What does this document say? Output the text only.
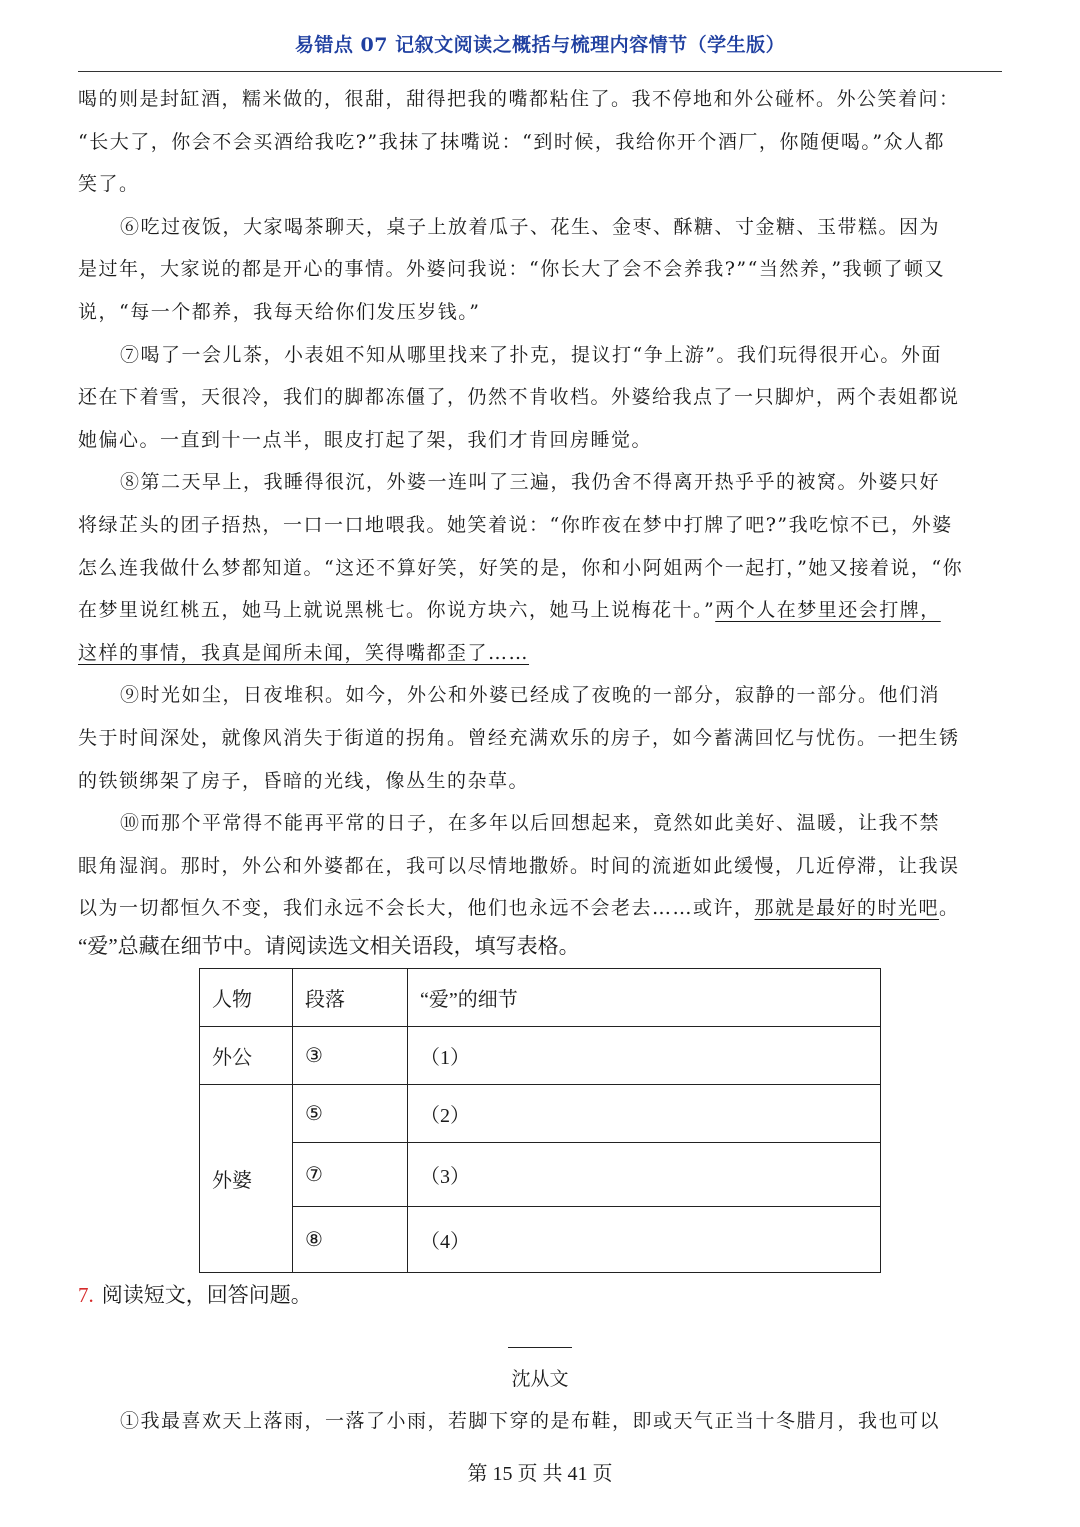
易错点 07 记叙文阅读之概括与梳理内容情节（学生版）
喝的则是封缸酒，糯米做的，很甜，甜得把我的嘴都粘住了。我不停地和外公碰杯。外公笑着问：
“长大了，你会不会买酒给我吃?”我抹了抹嘴说：“到时候，我给你开个酒厂，你随便喝。”众人都
笑了。
⑥吃过夜饭，大家喝茶聊天，桌子上放着瓜子、花生、金枣、酥糖、寸金糖、玉带糕。因为
是过年，大家说的都是开心的事情。外婆问我说：“你长大了会不会养我?”“当然养，”我顿了顿又
说，“每一个都养，我每天给你们发压岁钱。”
⑦喝了一会儿茶，小表姐不知从哪里找来了扑克，提议打“争上游”。我们玩得很开心。外面
还在下着雪，天很冷，我们的脚都冻僵了，仍然不肯收档。外婆给我点了一只脚炉，两个表姐都说
她偏心。一直到十一点半，眼皮打起了架，我们才肯回房睡觉。
⑧第二天早上，我睡得很沉，外婆一连叫了三遍，我仍舍不得离开热乎乎的被窝。外婆只好
将绿芷头的团子捂热，一口一口地喂我。她笑着说：“你昨夜在梦中打牌了吧?”我吃惊不已，外婆
怎么连我做什么梦都知道。“这还不算好笑，好笑的是，你和小阿姐两个一起打，”她又接着说，“你
在梦里说红桃五，她马上就说黑桃七。你说方块六，她马上说梅花十。”两个人在梦里还会打牌，
这样的事情，我真是闻所未闻，笑得嘴都歪了……
⑨时光如尘，日夜堆积。如今，外公和外婆已经成了夜晚的一部分，寂静的一部分。他们消
失于时间深处，就像风消失于街道的拐角。曾经充满欢乐的房子，如今蓄满回忆与忧伤。一把生锈
的铁锁绑架了房子，昏暗的光线，像丛生的杂草。
⑩而那个平常得不能再平常的日子，在多年以后回想起来，竟然如此美好、温暖，让我不禁
眼角湿润。那时，外公和外婆都在，我可以尽情地撒娇。时间的流逝如此缓慢，几近停滞，让我误
以为一切都恒久不变，我们永远不会长大，他们也永远不会老去……或许，那就是最好的时光吧。
“爱”总藏在细节中。请阅读选文相关语段，填写表格。
人物	段落	“爱”的细节
外公	③	（1）
外婆	⑤	（2）
	⑦	（3）
	⑧	（4）
7. 阅读短文，回答问题。
沈从文
①我最喜欢天上落雨，一落了小雨，若脚下穿的是布鞋，即或天气正当十冬腊月，我也可以
第 15 页 共 41 页
